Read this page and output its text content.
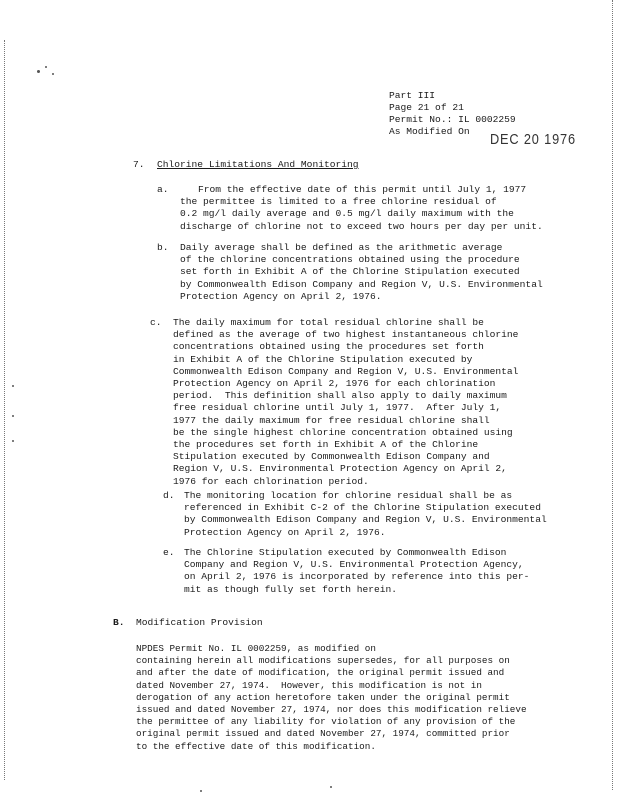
Part III
Page 21 of 21
Permit No.: IL 0002259
As Modified On DEC 20 1976
7. Chlorine Limitations And Monitoring
a.	From the effective date of this permit until July 1, 1977
the permittee is limited to a free chlorine residual of
0.2 mg/l daily average and 0.5 mg/l daily maximum with the
discharge of chlorine not to exceed two hours per day per unit.
b. Daily average shall be defined as the arithmetic average
of the chlorine concentrations obtained using the procedure
set forth in Exhibit A of the Chlorine Stipulation executed
by Commonwealth Edison Company and Region V, U.S. Environmental
Protection Agency on April 2, 1976.
c. The daily maximum for total residual chlorine shall be
defined as the average of two highest instantaneous chlorine
concentrations obtained using the procedures set forth
in Exhibit A of the Chlorine Stipulation executed by
Commonwealth Edison Company and Region V, U.S. Environmental
Protection Agency on April 2, 1976 for each chlorination
period.  This definition shall also apply to daily maximum
free residual chlorine until July 1, 1977.  After July 1,
1977 the daily maximum for free residual chlorine shall
be the single highest chlorine concentration obtained using
the procedures set forth in Exhibit A of the Chlorine
Stipulation executed by Commonwealth Edison Company and
Region V, U.S. Environmental Protection Agency on April 2,
1976 for each chlorination period.
d. The monitoring location for chlorine residual shall be as
referenced in Exhibit C-2 of the Chlorine Stipulation executed
by Commonwealth Edison Company and Region V, U.S. Environmental
Protection Agency on April 2, 1976.
e. The Chlorine Stipulation executed by Commonwealth Edison
Company and Region V, U.S. Environmental Protection Agency,
on April 2, 1976 is incorporated by reference into this per-
mit as though fully set forth herein.
B. Modification Provision
NPDES Permit No. IL 0002259, as modified on
containing herein all modifications supersedes, for all purposes on
and after the date of modification, the original permit issued and
dated November 27, 1974.  However, this modification is not in
derogation of any action heretofore taken under the original permit
issued and dated November 27, 1974, nor does this modification relieve
the permittee of any liability for violation of any provision of the
original permit issued and dated November 27, 1974, committed prior
to the effective date of this modification.
